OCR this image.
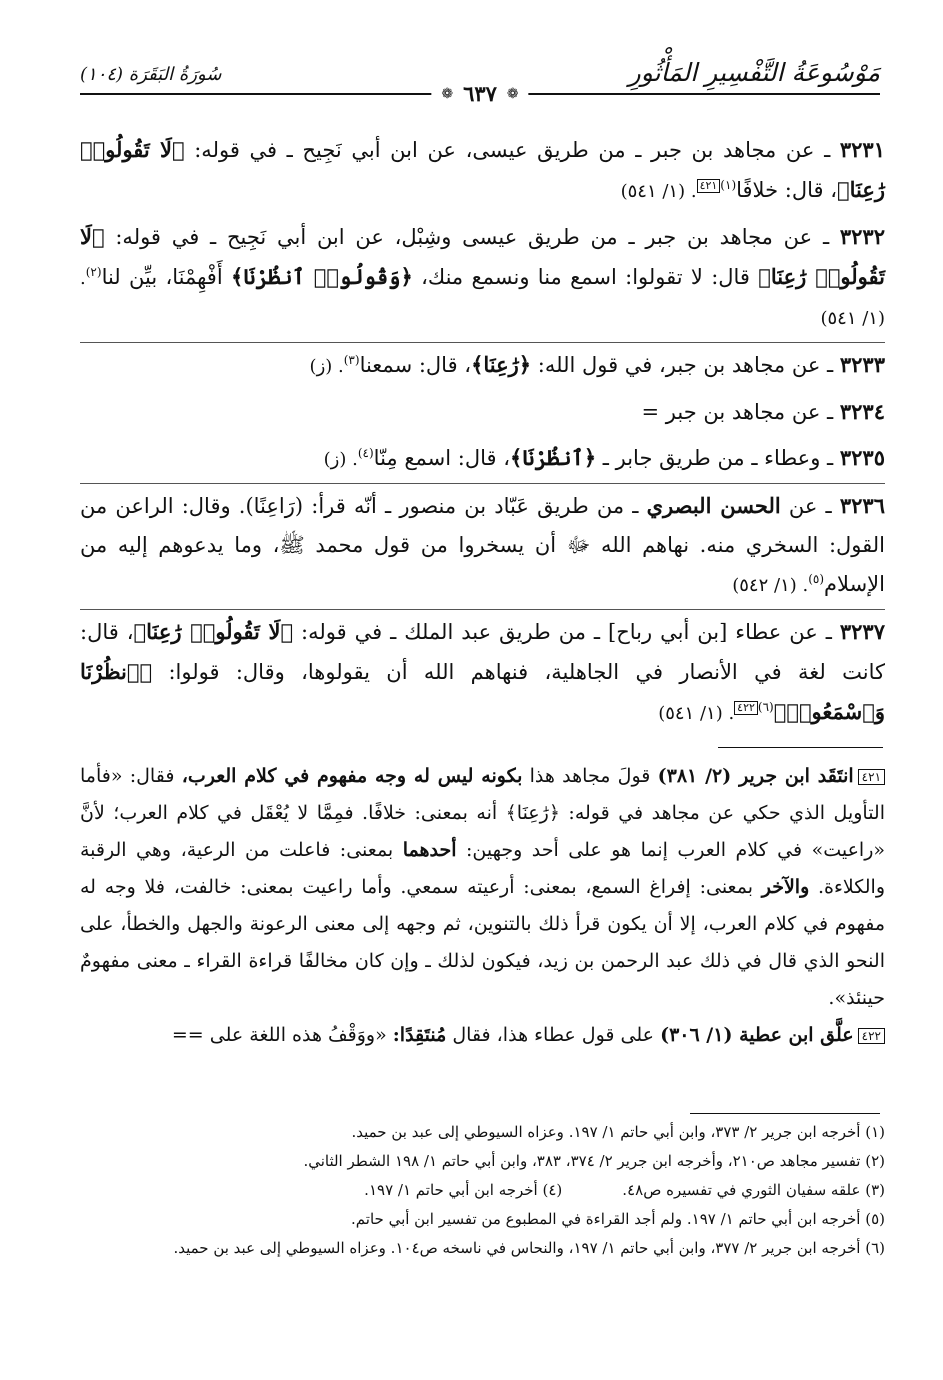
مَوْسُوعَةُ التَّفْسِيرِ المَأْثُورِ
سُورَةُ البَقَرَة (١٠٤)
❁
٦٣٧
❁

٣٢٣١ ـ عن مجاهد بن جبر ـ من طريق عيسى، عن ابن أبي نَجِيح ـ في قوله: ﴿لَا تَقُولُوا۟ رَٰعِنَا﴾، قال: خلافًا$^{(١)}$٤٢١. (١/ ٥٤١)

٣٢٣٢ ـ عن مجاهد بن جبر ـ من طريق عيسى وشِبْل، عن ابن أبي نَجِيح ـ في قوله: ﴿لَا تَقُولُوا۟ رَٰعِنَا﴾ قال: لا تقولوا: اسمع منا ونسمع منك، ﴿وَقُولُوا۟ ٱنظُرْنَا﴾ أَفْهِمْنَا، بيِّن لنا$^{(٢)}$. (١/ ٥٤١)

٣٢٣٣ ـ عن مجاهد بن جبر، في قول الله: ﴿رَٰعِنَا﴾، قال: سمعنا$^{(٣)}$. (ز)

٣٢٣٤ ـ عن مجاهد بن جبر =

٣٢٣٥ ـ وعطاء ـ من طريق جابر ـ ﴿ٱنظُرْنَا﴾، قال: اسمع مِنّا$^{(٤)}$. (ز)

٣٢٣٦ ـ عن الحسن البصري ـ من طريق عَبّاد بن منصور ـ أنّه قرأ: (رَاعِنًا). وقال: الراعن من القول: السخري منه. نهاهم الله ﷻ أن يسخروا من قول محمد ﷺ، وما يدعوهم إليه من الإسلام$^{(٥)}$. (١/ ٥٤٢)

٣٢٣٧ ـ عن عطاء [بن أبي رباح] ـ من طريق عبد الملك ـ في قوله: ﴿لَا تَقُولُوا۟ رَٰعِنَا﴾، قال: كانت لغة في الأنصار في الجاهلية، فنهاهم الله أن يقولوها، وقال: قولوا: ﴿ٱنظُرْنَا وَٱسْمَعُوا۟﴾$^{(٦)}$٤٢٢. (١/ ٥٤١)

٤٢١انتَقَد ابن جرير (٢/ ٣٨١) قولَ مجاهد هذا بكونه ليس له وجه مفهوم في كلام العرب، فقال: «فأما التأويل الذي حكي عن مجاهد في قوله: ﴿رَٰعِنَا﴾ أنه بمعنى: خلافًا. فمِمَّا لا يُعْقَل في كلام العرب؛ لأنَّ «راعيت» في كلام العرب إنما هو على أحد وجهين: أحدهما بمعنى: فاعلت من الرعية، وهي الرقبة والكلاءة. والآخر بمعنى: إفراغ السمع، بمعنى: أرعيته سمعي. وأما راعيت بمعنى: خالفت، فلا وجه له مفهوم في كلام العرب، إلا أن يكون قرأ ذلك بالتنوين، ثم وجهه إلى معنى الرعونة والجهل والخطأ، على النحو الذي قال في ذلك عبد الرحمن بن زيد، فيكون لذلك ـ وإن كان مخالفًا قراءة القراء ـ معنى مفهومٌ حينئذ».

٤٢٢علَّق ابن عطية (١/ ٣٠٦) على قول عطاء هذا، فقال مُنتَقِدًا: «ووَقْفُ هذه اللغة على ==

(١) أخرجه ابن جرير ٢/ ٣٧٣، وابن أبي حاتم ١/ ١٩٧. وعزاه السيوطي إلى عبد بن حميد.

(٢) تفسير مجاهد ص٢١٠، وأخرجه ابن جرير ٢/ ٣٧٤، ٣٨٣، وابن أبي حاتم ١/ ١٩٨ الشطر الثاني.

(٣) علقه سفيان الثوري في تفسيره ص٤٨.
(٤) أخرجه ابن أبي حاتم ١/ ١٩٧.

(٥) أخرجه ابن أبي حاتم ١/ ١٩٧. ولم أجد القراءة في المطبوع من تفسير ابن أبي حاتم.

(٦) أخرجه ابن جرير ٢/ ٣٧٧، وابن أبي حاتم ١/ ١٩٧، والنحاس في ناسخه ص١٠٤. وعزاه السيوطي إلى عبد بن حميد.
